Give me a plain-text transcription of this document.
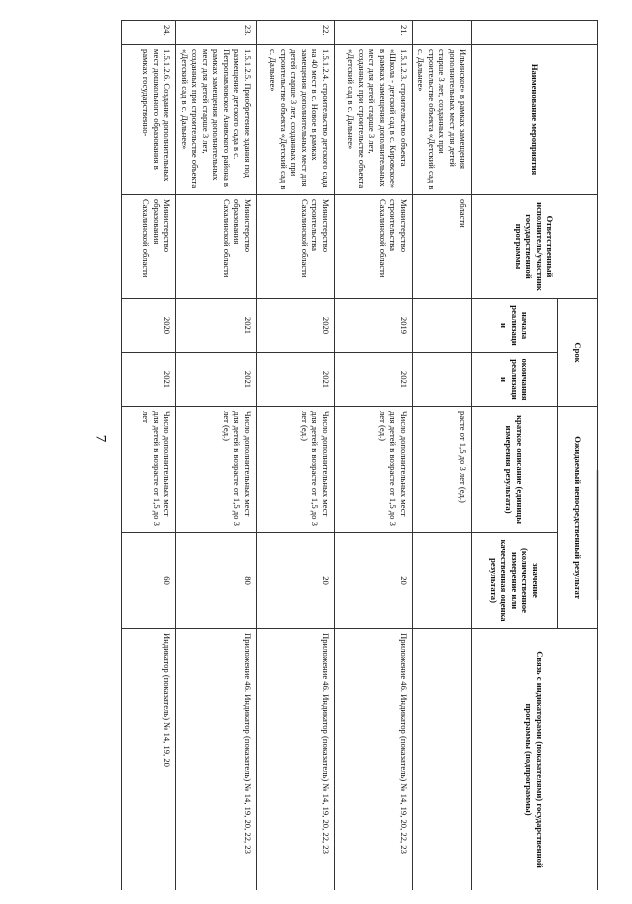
7
	Наименование мероприятия	Ответственный исполнитель/участник государственной программы	Срок		Ожидаемый непосредственный результат		Связь с индикаторами (показателями) государственной программы (подпрограммы)
			начала реализации	окончания реализации	краткое описание (единицы измерения результата)	значение (количественное измерение или качественная оценка результата)	
	Ильинское» в рамках замещения дополнительных мест для детей старше 3 лет, созданных при строительстве объекта «Детский сад в с. Дальнее»	области			расте от 1,5 до 3 лет (ед.)		
21.	1.5.1.2.3. строительство объекта «Школа - детский сад в с. Кировское» в рамках замещения дополнительных мест для детей старше 3 лет, созданных при строительстве объекта «Детский сад в с. Дальнее»	Министерство строительства Сахалинской области	2019	2021	Число дополнительных мест для детей в возрасте от 1,5 до 3 лет (ед.)	20	Приложение 46. Индикатор (показатель) № 14, 19, 20, 22, 23
22.	1.5.1.2.4. строительство детского сада на 40 мест в с. Новое в рамках замещения дополнительных мест для детей старше 3 лет, созданных при строительстве объекта «Детский сад в с. Дальнее»	Министерство строительства Сахалинской области	2020	2021	Число дополнительных мест для детей в возрасте от 1,5 до 3 лет (ед.)	20	Приложение 46. Индикатор (показатель) № 14, 19, 20, 22, 23
23.	1.5.1.2.5. Приобретение здания под размещение детского сада в с. Петропавловское Анивского района в рамках замещения дополнительных мест для детей старше 3 лет, созданных при строительстве объекта «Детский сад в с. Дальнее»	Министерство образования Сахалинской области	2021	2021	Число дополнительных мест для детей в возрасте от 1,5 до 3 лет (ед.)	80	Приложение 46. Индикатор (показатель) № 14, 19, 20, 22, 23
24.	1.5.1.2.6. Создание дополнительных мест дошкольного образования в рамках государственно-	Министерство образования Сахалинской области	2020	2021	Число дополнительных мест для детей в возрасте от 1,5 до 3 лет	60	Индикатор (показатель) № 14, 19, 20
